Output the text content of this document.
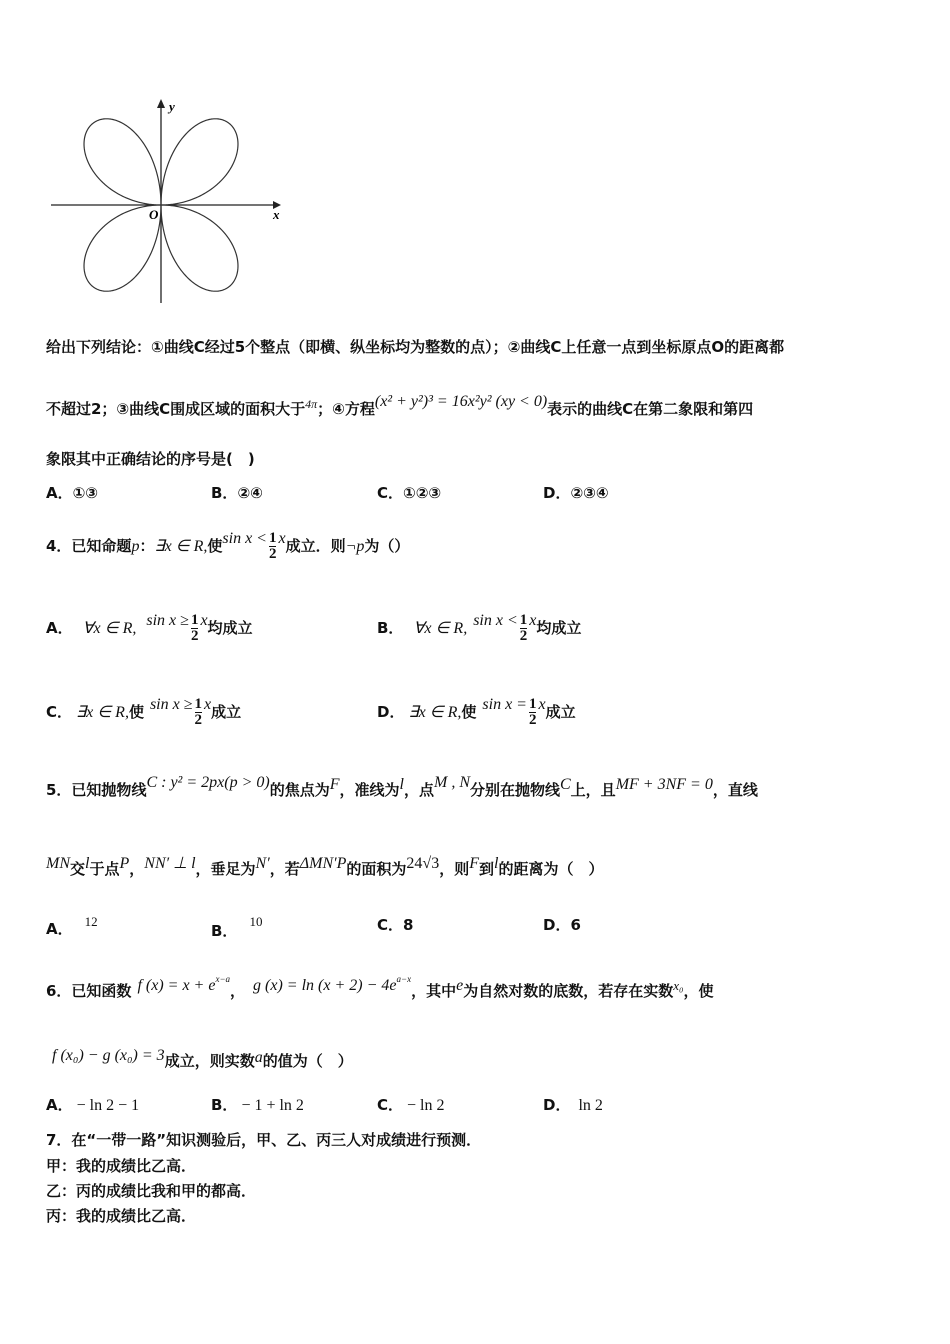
y
x
O
给出下列结论：①曲线C经过5个整点（即横、纵坐标均为整数的点）；②曲线C上任意一点到坐标原点O的距离都
不超过2；③曲线C围成区域的面积大于$^{4\pi}$；④方程(x² + y²)³ = 16x²y² (xy < 0)表示的曲线C在第二象限和第四
象限其中正确结论的序号是(　)
A．①③	B．②④	C．①②③	D．②③④
4．已知命题p：∃x ∈ R,使$\sin x < \frac{1}{2}$ x成立．则¬p为（）
A． ∀x ∈ R, $\sin x \ge \frac{1}{2}$ x均成立	B． ∀x ∈ R, $\sin x < \frac{1}{2}$ x均成立
C． ∃x ∈ R,使 $\sin x \ge \frac{1}{2}$ x成立	D． ∃x ∈ R,使 $\sin x = \frac{1}{2}$ x成立
5．已知抛物线C : y² = 2px(p > 0)的焦点为F，准线为l，点M , N分别在抛物线C上，且MF + 3NF = 0，直线
MN交l于点P，NN′ ⊥ l，垂足为N′，若ΔMN′P的面积为24√3，则F到l的距离为（　）
A． 12
B．10	C．8	D．6
6．已知函数 f $(x) = x + e^{x-a}$， g $(x) = \ln (x + 2) - 4e^{a-x}$，其中e为自然对数的底数，若存在实数x₀，使
f (x₀) − g (x₀) = 3成立，则实数a的值为（　）
A． − ln 2 − 1	B． − 1 + ln 2	C． − ln 2	D． ln 2
7．在“一带一路”知识测验后，甲、乙、丙三人对成绩进行预测．
甲：我的成绩比乙高．
乙：丙的成绩比我和甲的都高．
丙：我的成绩比乙高．
